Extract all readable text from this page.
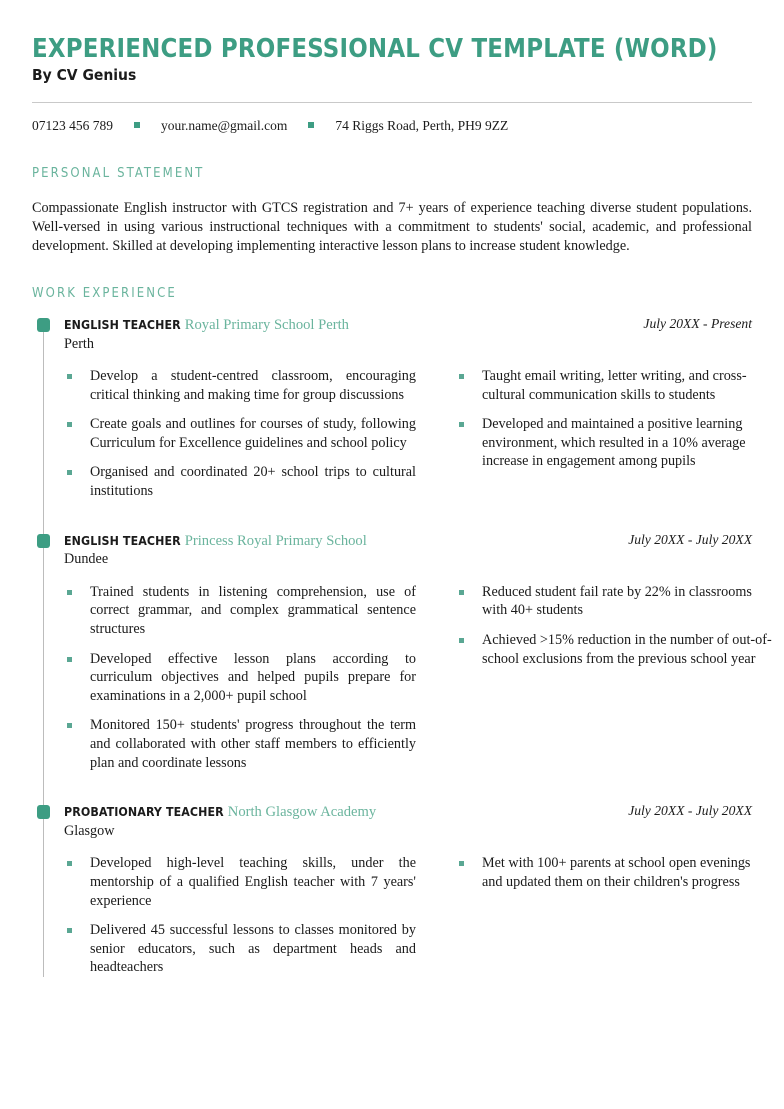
EXPERIENCED PROFESSIONAL CV TEMPLATE (WORD)
By CV Genius
07123 456 789	your.name@gmail.com	74 Riggs Road, Perth, PH9 9ZZ
PERSONAL STATEMENT

Compassionate English instructor with GTCS registration and 7+ years of experience teaching diverse student populations. Well-versed in using various instructional techniques with a commitment to students' social, academic, and professional development. Skilled at developing implementing interactive lesson plans to increase student knowledge.

WORK EXPERIENCE
ENGLISH TEACHER Royal Primary School Perth
Perth
July 20XX - Present
Develop a student-centred classroom, encouraging critical thinking and making time for group discussions
Create goals and outlines for courses of study, following Curriculum for Excellence guidelines and school policy
Organised and coordinated 20+ school trips to cultural institutions
Taught email writing, letter writing, and cross-cultural communication skills to students
Developed and maintained a positive learning environment, which resulted in a 10% average increase in engagement among pupils
ENGLISH TEACHER Princess Royal Primary School
Dundee
July 20XX - July 20XX
Trained students in listening comprehension, use of correct grammar, and complex grammatical sentence structures
Developed effective lesson plans according to curriculum objectives and helped pupils prepare for examinations in a 2,000+ pupil school
Monitored 150+ students' progress throughout the term and collaborated with other staff members to efficiently plan and coordinate lessons
Reduced student fail rate by 22% in classrooms with 40+ students
Achieved >15% reduction in the number of out-of-school exclusions from the previous school year
PROBATIONARY TEACHER North Glasgow Academy
Glasgow
July 20XX - July 20XX
Developed high-level teaching skills, under the mentorship of a qualified English teacher with 7 years' experience
Delivered 45 successful lessons to classes monitored by senior educators, such as department heads and headteachers
Met with 100+ parents at school open evenings and updated them on their children's progress
